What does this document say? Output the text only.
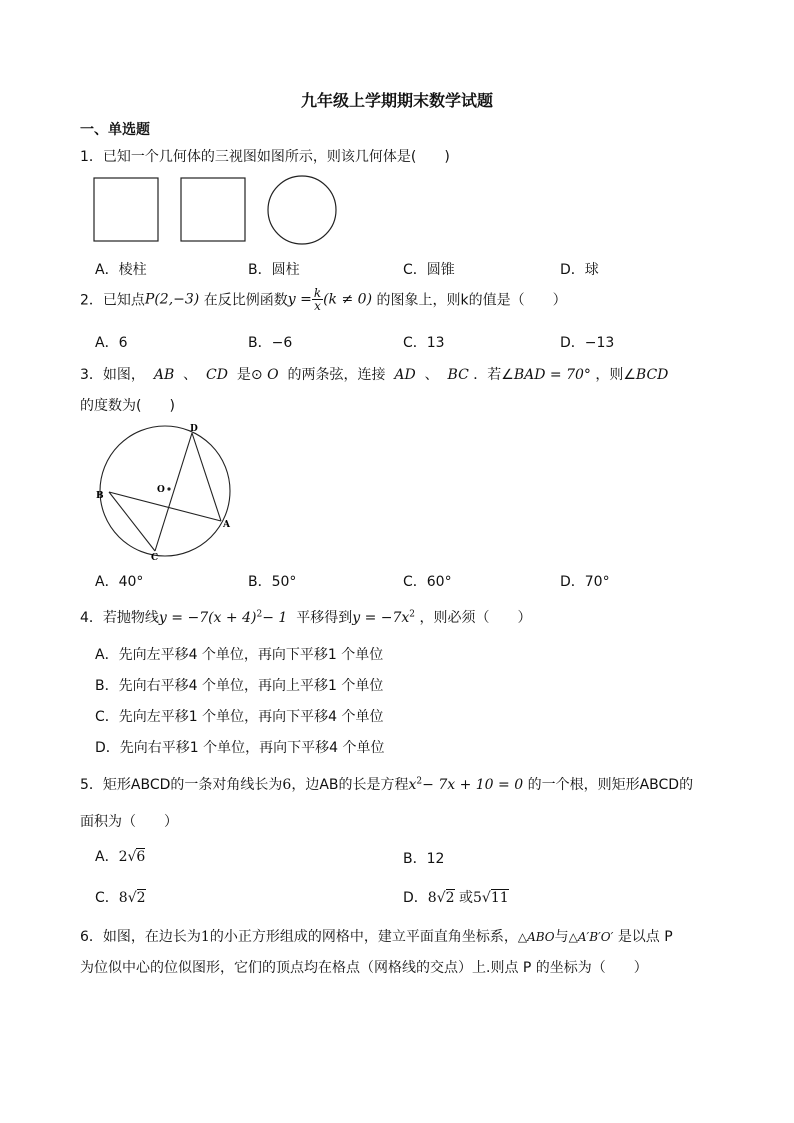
九年级上学期期末数学试题
一、单选题
1．已知一个几何体的三视图如图所示，则该几何体是(　　)
A．棱柱	B．圆柱	C．圆锥	D．球
2．已知点P(2,−3) 在反比例函数$y = \frac{k}{x} (k \ne 0)$ 的图象上，则k的值是（　　）
A．6	B．−6	C．13	D．−13
3．如图， AB 、 CD 是⊙ O 的两条弦，连接 AD 、 BC ．若∠BAD = 70° ，则∠BCD
的度数为(　　)
D
O
B
A
C
A．40°	B．50°	C．60°	D．70°
4．若抛物线$y = -7(x + 4)^2- 1$ 平移得到$y = -7x^2$ ，则必须（　　）
A．先向左平移4 个单位，再向下平移1 个单位
B．先向右平移4 个单位，再向上平移1 个单位
C．先向左平移1 个单位，再向下平移4 个单位
D．先向右平移1 个单位，再向下平移4 个单位
5．矩形ABCD的一条对角线长为6，边AB的长是方程$x^2- 7x + 10 = 0$ 的一个根，则矩形ABCD的
面积为（　　）
A．2√6	B．12
C．8√2	D．8√2 或5√11
6．如图，在边长为1的小正方形组成的网格中，建立平面直角坐标系，△ABO与△A′B′O′ 是以点 P
为位似中心的位似图形，它们的顶点均在格点（网格线的交点）上.则点 P 的坐标为（　　）
